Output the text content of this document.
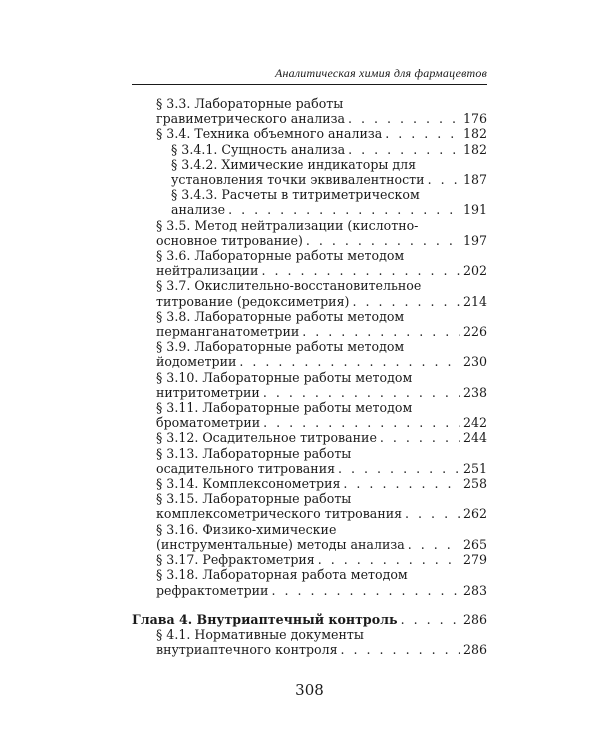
Аналитическая химия для фармацевтов
§ 3.3. Лабораторные работы
гравиметрического анализа . . .	176
§ 3.4. Техника объемного анализа . . .	182
§ 3.4.1. Сущность анализа . . .	182
§ 3.4.2. Химические индикаторы для
установления точки эквивалентности . . .	187
§ 3.4.3. Расчеты в титриметрическом
анализе . . .	191
§ 3.5. Метод нейтрализации (кислотно-
основное титрование) . . .	197
§ 3.6. Лабораторные работы методом
нейтрализации . . .	202
§ 3.7. Окислительно-восстановительное
титрование (редоксиметрия) . . .	214
§ 3.8. Лабораторные работы методом
перманганатометрии . . .	226
§ 3.9. Лабораторные работы методом
йодометрии . . .	230
§ 3.10. Лабораторные работы методом
нитритометрии . . .	238
§ 3.11. Лабораторные работы методом
броматометрии . . .	242
§ 3.12. Осадительное титрование . . .	244
§ 3.13. Лабораторные работы
осадительного титрования . . .	251
§ 3.14. Комплексонометрия . . .	258
§ 3.15. Лабораторные работы
комплексометрического титрования . . .	262
§ 3.16. Физико-химические
(инструментальные) методы анализа . . .	265
§ 3.17. Рефрактометрия . . .	279
§ 3.18. Лабораторная работа методом
рефрактометрии . . .	283
Глава 4. Внутриаптечный контроль . . .	286
§ 4.1. Нормативные документы
внутриаптечного контроля . . .	286
308
